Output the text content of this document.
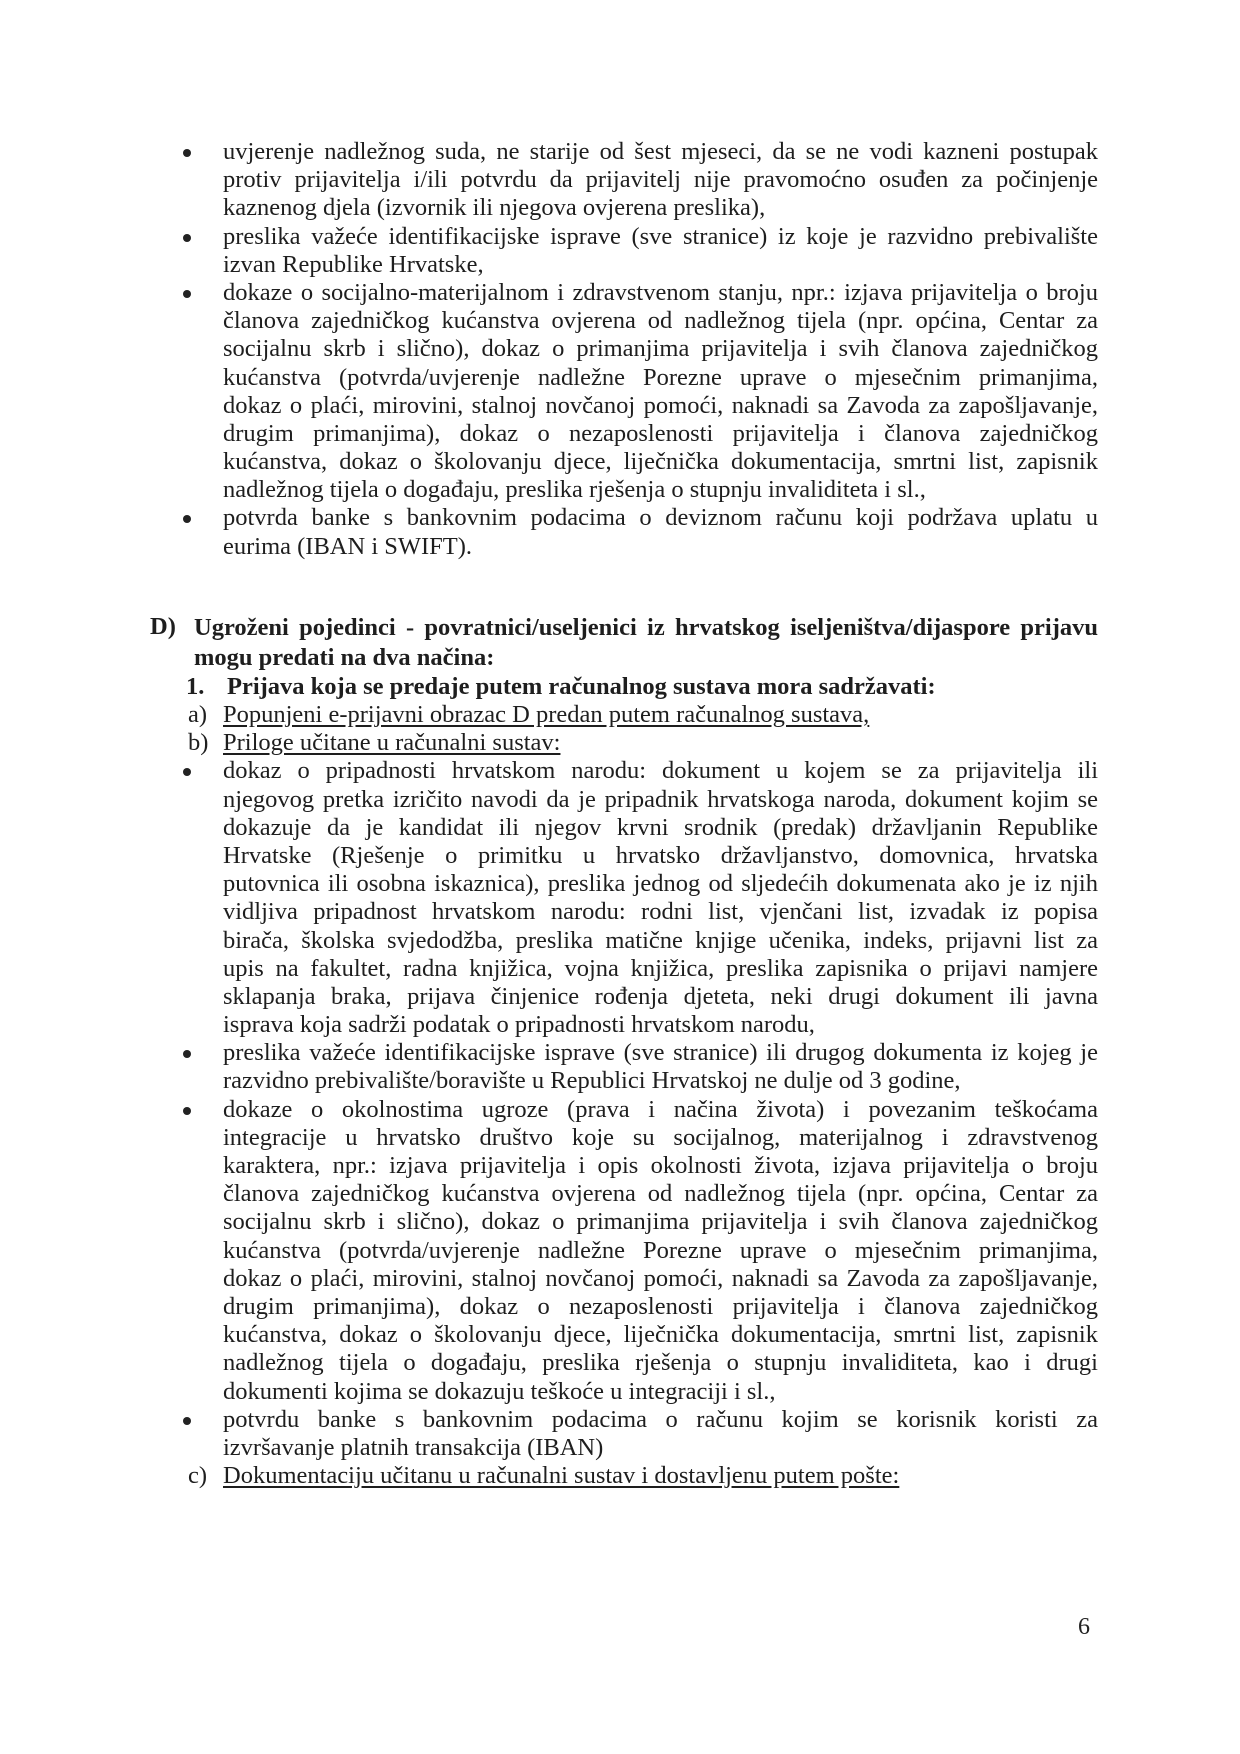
uvjerenje nadležnog suda, ne starije od šest mjeseci, da se ne vodi kazneni postupak
protiv prijavitelja i/ili potvrdu da prijavitelj nije pravomoćno osuđen za počinjenje
kaznenog djela (izvornik ili njegova ovjerena preslika),
preslika važeće identifikacijske isprave (sve stranice) iz koje je razvidno prebivalište
izvan Republike Hrvatske,
dokaze o socijalno-materijalnom i zdravstvenom stanju, npr.: izjava prijavitelja o broju
članova zajedničkog kućanstva ovjerena od nadležnog tijela (npr. općina, Centar za
socijalnu skrb i slično), dokaz o primanjima prijavitelja i svih članova zajedničkog
kućanstva (potvrda/uvjerenje nadležne Porezne uprave o mjesečnim primanjima,
dokaz o plaći, mirovini, stalnoj novčanoj pomoći, naknadi sa Zavoda za zapošljavanje,
drugim primanjima), dokaz o nezaposlenosti prijavitelja i članova zajedničkog
kućanstva, dokaz o školovanju djece, liječnička dokumentacija, smrtni list, zapisnik
nadležnog tijela o događaju, preslika rješenja o stupnju invaliditeta i sl.,
potvrda banke s bankovnim podacima o deviznom računu koji podržava uplatu u
eurima (IBAN i SWIFT).
D) Ugroženi pojedinci - povratnici/useljenici iz hrvatskog iseljeništva/dijaspore prijavu
mogu predati na dva načina:
1. Prijava koja se predaje putem računalnog sustava mora sadržavati:
a) Popunjeni e-prijavni obrazac D predan putem računalnog sustava,
b) Priloge učitane u računalni sustav:
dokaz o pripadnosti hrvatskom narodu: dokument u kojem se za prijavitelja ili
njegovog pretka izričito navodi da je pripadnik hrvatskoga naroda, dokument kojim se
dokazuje da je kandidat ili njegov krvni srodnik (predak) državljanin Republike
Hrvatske (Rješenje o primitku u hrvatsko državljanstvo, domovnica, hrvatska
putovnica ili osobna iskaznica), preslika jednog od sljedećih dokumenata ako je iz njih
vidljiva pripadnost hrvatskom narodu: rodni list, vjenčani list, izvadak iz popisa
birača, školska svjedodžba, preslika matične knjige učenika, indeks, prijavni list za
upis na fakultet, radna knjižica, vojna knjižica, preslika zapisnika o prijavi namjere
sklapanja braka, prijava činjenice rođenja djeteta, neki drugi dokument ili javna
isprava koja sadrži podatak o pripadnosti hrvatskom narodu,
preslika važeće identifikacijske isprave (sve stranice) ili drugog dokumenta iz kojeg je
razvidno prebivalište/boravište u Republici Hrvatskoj ne dulje od 3 godine,
dokaze o okolnostima ugroze (prava i načina života) i povezanim teškoćama
integracije u hrvatsko društvo koje su socijalnog, materijalnog i zdravstvenog
karaktera, npr.: izjava prijavitelja i opis okolnosti života, izjava prijavitelja o broju
članova zajedničkog kućanstva ovjerena od nadležnog tijela (npr. općina, Centar za
socijalnu skrb i slično), dokaz o primanjima prijavitelja i svih članova zajedničkog
kućanstva (potvrda/uvjerenje nadležne Porezne uprave o mjesečnim primanjima,
dokaz o plaći, mirovini, stalnoj novčanoj pomoći, naknadi sa Zavoda za zapošljavanje,
drugim primanjima), dokaz o nezaposlenosti prijavitelja i članova zajedničkog
kućanstva, dokaz o školovanju djece, liječnička dokumentacija, smrtni list, zapisnik
nadležnog tijela o događaju, preslika rješenja o stupnju invaliditeta, kao i drugi
dokumenti kojima se dokazuju teškoće u integraciji i sl.,
potvrdu banke s bankovnim podacima o računu kojim se korisnik koristi za
izvršavanje platnih transakcija (IBAN)
c) Dokumentaciju učitanu u računalni sustav i dostavljenu putem pošte:
6
